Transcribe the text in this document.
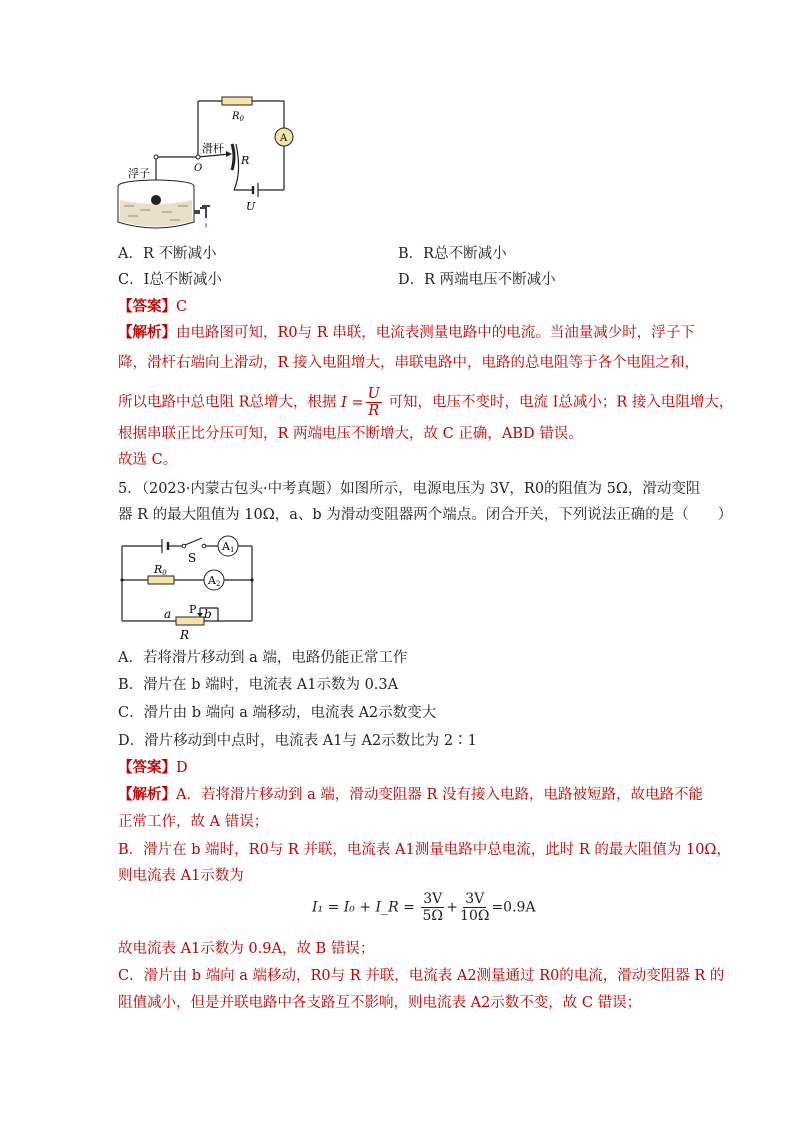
$R_0$
A
滑杆
O
R
浮子
U
A．R 不断减小	B．R总不断减小
C．I总不断减小	D．R 两端电压不断减小
【答案】C
【解析】由电路图可知，R0与 R 串联，电流表测量电路中的电流。当油量减少时，浮子下
降，滑杆右端向上滑动，R 接入电阻增大，串联电路中，电路的总电阻等于各个电阻之和，
所以电路中总电阻 R总增大，根据 $I = \frac{U}{R}$ 可知，电压不变时，电流 I总减小；R 接入电阻增大，
根据串联正比分压可知，R 两端电压不断增大，故 C 正确，ABD 错误。
故选 C。
5．（2023·内蒙古包头·中考真题）如图所示，电源电压为 3V，R0的阻值为 5Ω，滑动变阻
器 R 的最大阻值为 10Ω，a、b 为滑动变阻器两个端点。闭合开关，下列说法正确的是（　　）
S
A1
R0
A2
P
a	b
R
A．若将滑片移动到 a 端，电路仍能正常工作
B．滑片在 b 端时，电流表 A1示数为 0.3A
C．滑片由 b 端向 a 端移动，电流表 A2示数变大
D．滑片移动到中点时，电流表 A1与 A2示数比为 2∶1
【答案】D
【解析】A．若将滑片移动到 a 端，滑动变阻器 R 没有接入电路，电路被短路，故电路不能
正常工作，故 A 错误；
B．滑片在 b 端时，R0与 R 并联，电流表 A1测量电路中总电流，此时 R 的最大阻值为 10Ω，
则电流表 A1示数为
I₁ = I₀ + I_R = $\frac{3V}{5\Omega} + \frac{3V}{10\Omega} =0.9A$
故电流表 A1示数为 0.9A，故 B 错误；
C．滑片由 b 端向 a 端移动，R0与 R 并联，电流表 A2测量通过 R0的电流，滑动变阻器 R 的
阻值减小，但是并联电路中各支路互不影响，则电流表 A2示数不变，故 C 错误；
